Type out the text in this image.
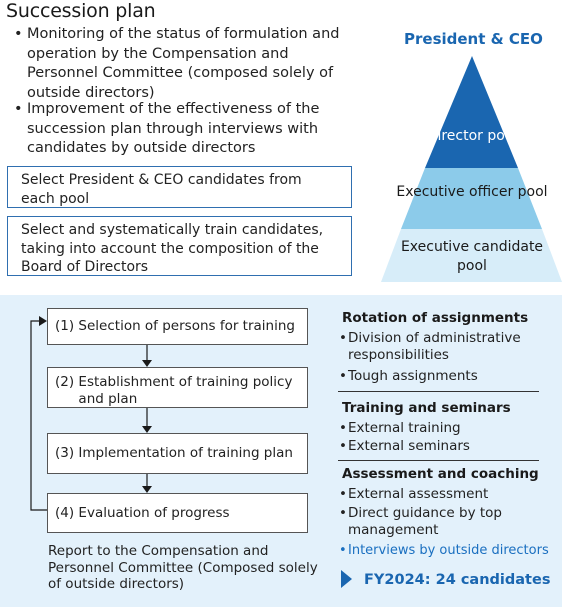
Succession plan
• Monitoring of the status of formulation and operation by the Compensation and Personnel Committee (composed solely of outside directors)
• Improvement of the effectiveness of the succession plan through interviews with candidates by outside directors
Select President & CEO candidates from each pool
Select and systematically train candidates, taking into account the composition of the Board of Directors
President & CEO
Director pool
Executive officer pool
Executive candidate pool
(1)
Selection of persons for training
(2)
Establishment of training policy and plan
(3)
Implementation of training plan
(4)
Evaluation of progress
Report to the Compensation and Personnel Committee (Composed solely of outside directors)
Rotation of assignments
• Division of administrative responsibilities
• Tough assignments
Training and seminars
• External training
• External seminars
Assessment and coaching
• External assessment
• Direct guidance by top management
• Interviews by outside directors
FY2024: 24 candidates
